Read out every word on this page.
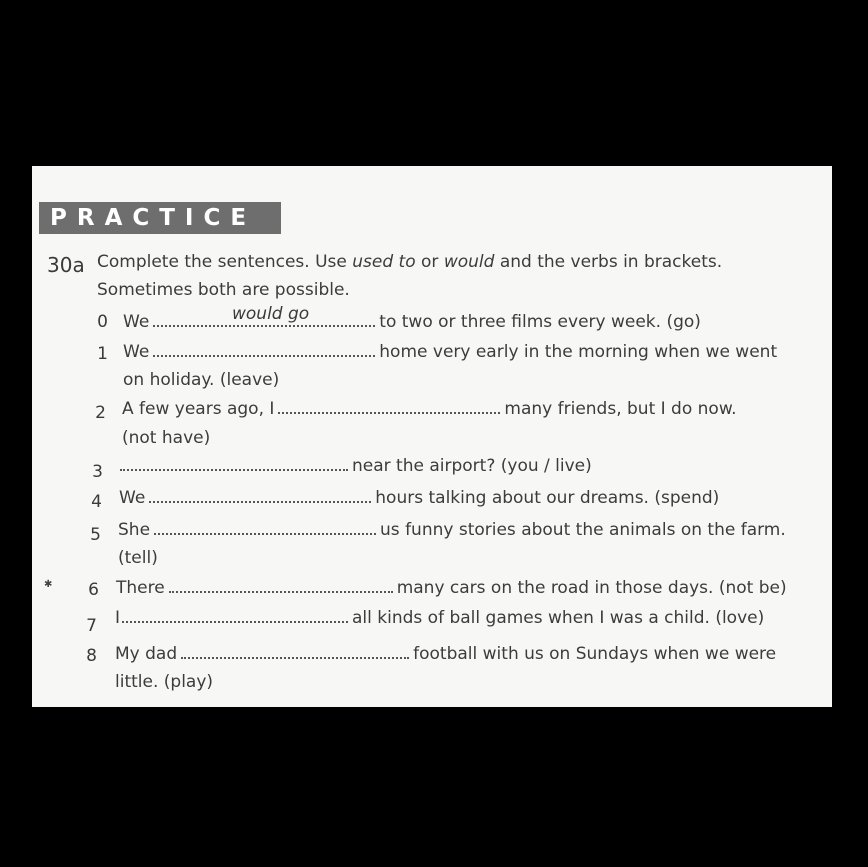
PRACTICE
30a Complete the sentences. Use used to or would and the verbs in brackets.
Sometimes both are possible.
0 We	to two or three films every week. (go)
would go
1 We	home very early in the morning when we went
on holiday. (leave)
2 A few years ago, I	many friends, but I do now.
(not have)
3	near the airport? (you / live)
4 We	hours talking about our dreams. (spend)
5 She	us funny stories about the animals on the farm.
(tell)
✱	6 There	many cars on the road in those days. (not be)
7 I	all kinds of ball games when I was a child. (love)
8 My dad	football with us on Sundays when we were
little. (play)
